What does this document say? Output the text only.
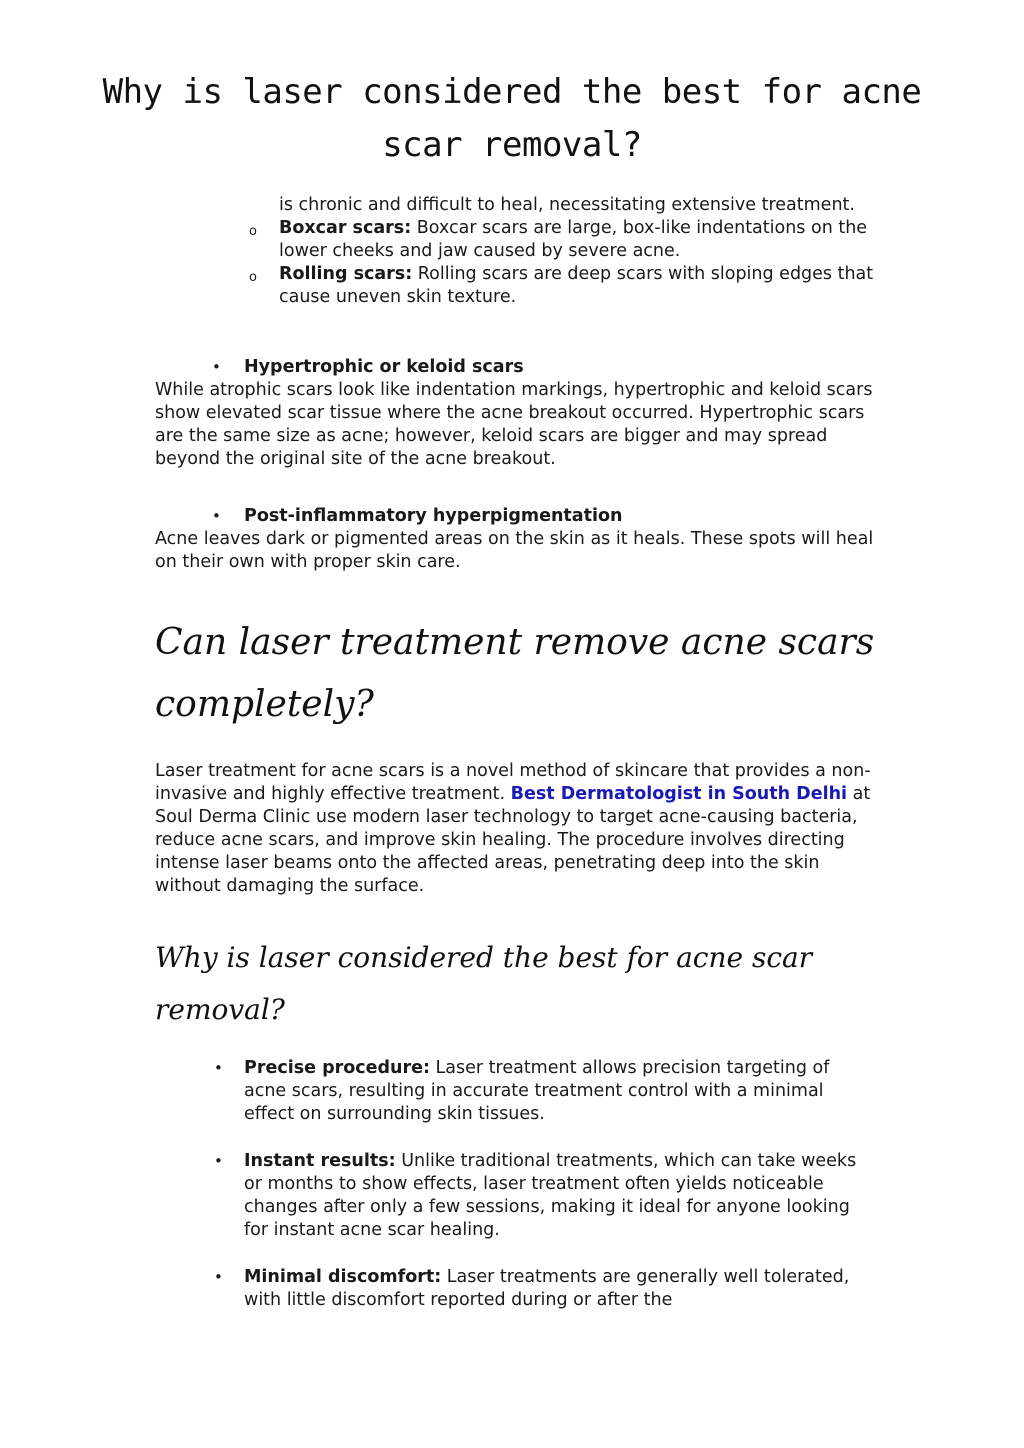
Why is laser considered the best for acne scar removal?
is chronic and difficult to heal, necessitating extensive treatment.
o Boxcar scars: Boxcar scars are large, box-like indentations on the lower cheeks and jaw caused by severe acne.
o Rolling scars: Rolling scars are deep scars with sloping edges that cause uneven skin texture.

• Hypertrophic or keloid scars

While atrophic scars look like indentation markings, hypertrophic and keloid scars show elevated scar tissue where the acne breakout occurred. Hypertrophic scars are the same size as acne; however, keloid scars are bigger and may spread beyond the original site of the acne breakout.

• Post-inflammatory hyperpigmentation

Acne leaves dark or pigmented areas on the skin as it heals. These spots will heal on their own with proper skin care.

Can laser treatment remove acne scars completely?

Laser treatment for acne scars is a novel method of skincare that provides a non-invasive and highly effective treatment. Best Dermatologist in South Delhi at Soul Derma Clinic use modern laser technology to target acne-causing bacteria, reduce acne scars, and improve skin healing. The procedure involves directing intense laser beams onto the affected areas, penetrating deep into the skin without damaging the surface.

Why is laser considered the best for acne scar removal?
• Precise procedure: Laser treatment allows precision targeting of acne scars, resulting in accurate treatment control with a minimal effect on surrounding skin tissues.
• Instant results: Unlike traditional treatments, which can take weeks or months to show effects, laser treatment often yields noticeable changes after only a few sessions, making it ideal for anyone looking for instant acne scar healing.
• Minimal discomfort: Laser treatments are generally well tolerated, with little discomfort reported during or after the
